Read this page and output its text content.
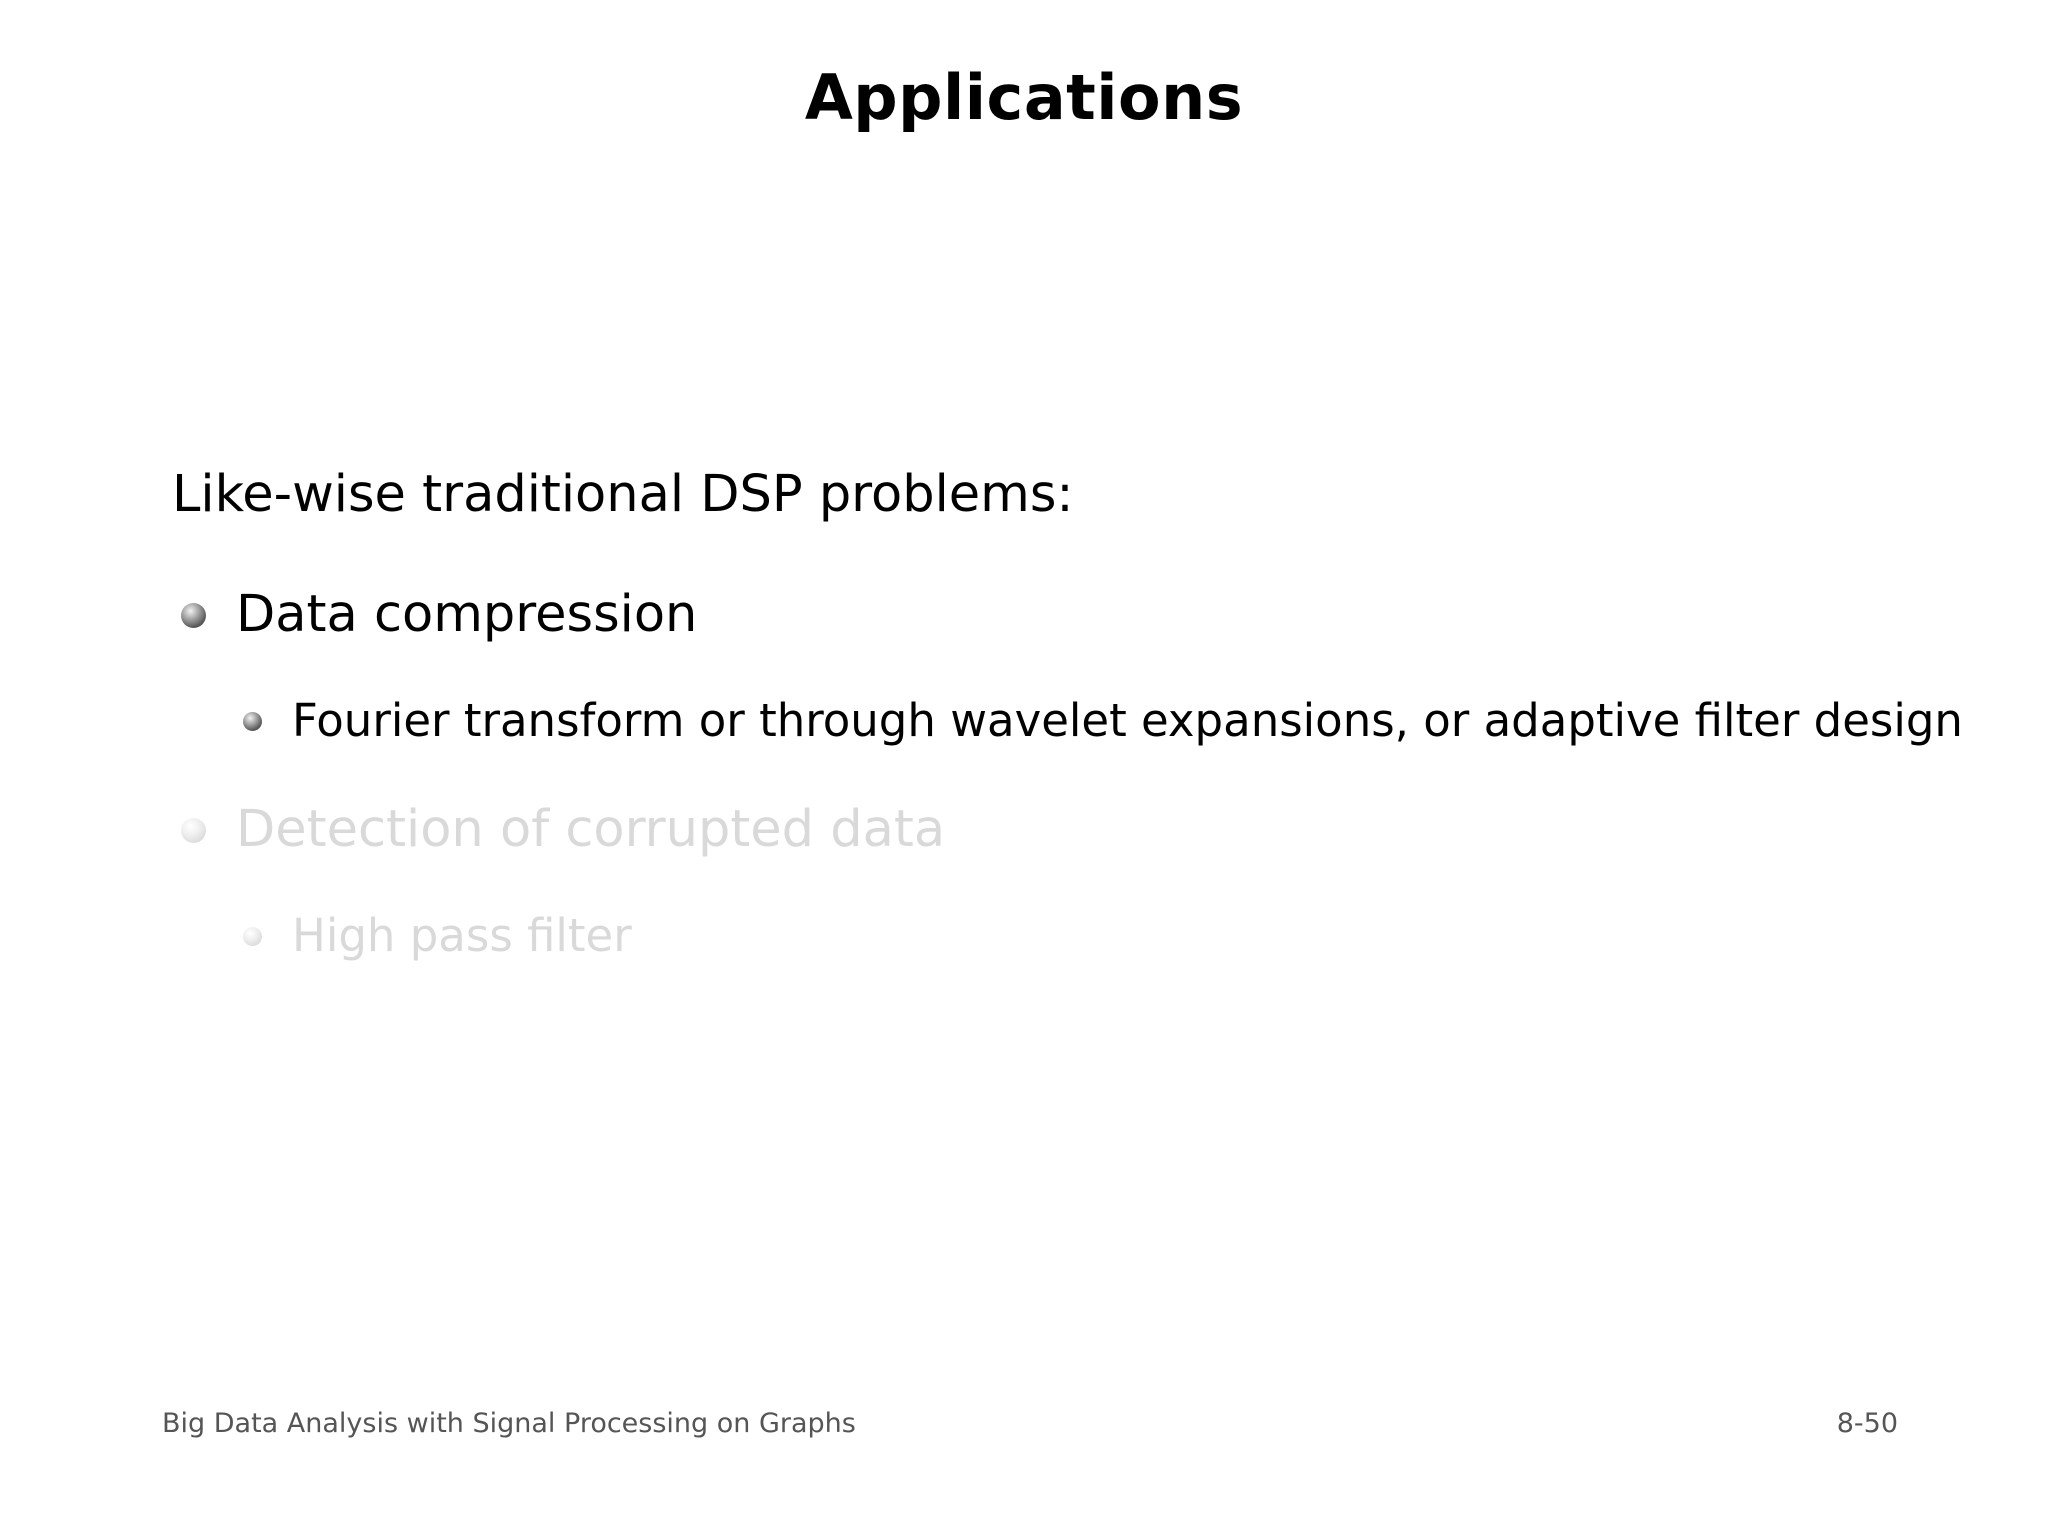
Applications
Like-wise traditional DSP problems:
Data compression
Fourier transform or through wavelet expansions, or adaptive filter design
Detection of corrupted data
High pass filter
Big Data Analysis with Signal Processing on Graphs	8-50
